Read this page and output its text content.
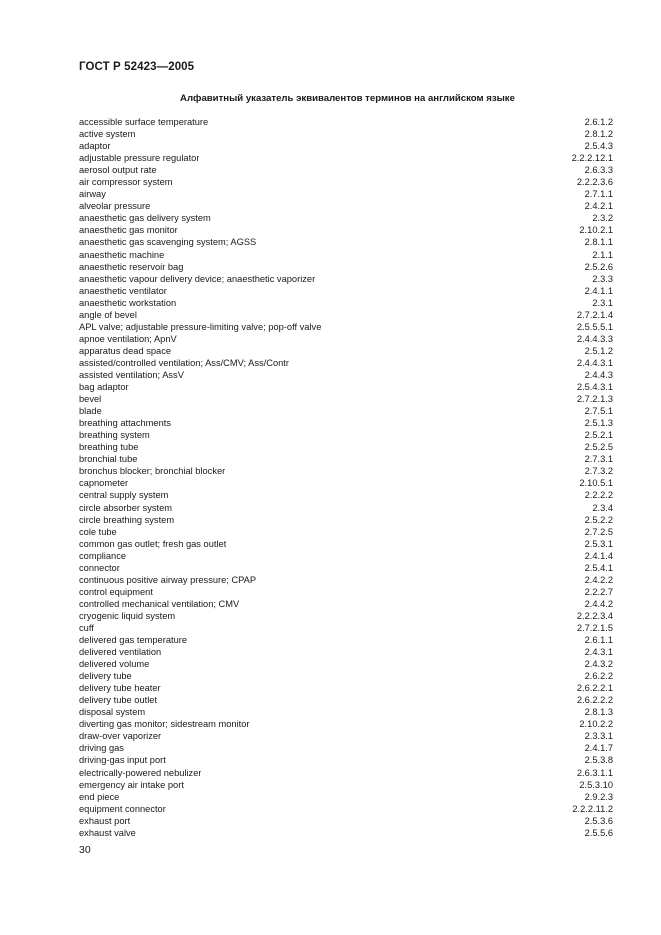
ГОСТ Р 52423—2005
Алфавитный указатель эквивалентов терминов на английском языке
accessible surface temperature	2.6.1.2
active system	2.8.1.2
adaptor	2.5.4.3
adjustable pressure regulator	2.2.2.12.1
aerosol output rate	2.6.3.3
air compressor system	2.2.2.3.6
airway	2.7.1.1
alveolar pressure	2.4.2.1
anaesthetic gas delivery system	2.3.2
anaesthetic gas monitor	2.10.2.1
anaesthetic gas scavenging system; AGSS	2.8.1.1
anaesthetic machine	2.1.1
anaesthetic reservoir bag	2.5.2.6
anaesthetic vapour delivery device; anaesthetic vaporizer	2.3.3
anaesthetic ventilator	2.4.1.1
anaesthetic workstation	2.3.1
angle of bevel	2.7.2.1.4
APL valve; adjustable pressure-limiting valve; pop-off valve	2.5.5.5.1
apnoe ventilation; ApnV	2.4.4.3.3
apparatus dead space	2.5.1.2
assisted/controlled ventilation; Ass/CMV; Ass/Contr	2.4.4.3.1
assisted ventilation; AssV	2.4.4.3
bag adaptor	2.5.4.3.1
bevel	2.7.2.1.3
blade	2.7.5.1
breathing attachments	2.5.1.3
breathing system	2.5.2.1
breathing tube	2.5.2.5
bronchial tube	2.7.3.1
bronchus blocker; bronchial blocker	2.7.3.2
capnometer	2.10.5.1
central supply system	2.2.2.2
circle absorber system	2.3.4
circle breathing system	2.5.2.2
cole tube	2.7.2.5
common gas outlet; fresh gas outlet	2.5.3.1
compliance	2.4.1.4
connector	2.5.4.1
continuous positive airway pressure; CPAP	2.4.2.2
control equipment	2.2.2.7
controlled mechanical ventilation; CMV	2.4.4.2
cryogenic liquid system	2.2.2.3.4
cuff	2.7.2.1.5
delivered gas temperature	2.6.1.1
delivered ventilation	2.4.3.1
delivered volume	2.4.3.2
delivery tube	2.6.2.2
delivery tube heater	2.6.2.2.1
delivery tube outlet	2.6.2.2.2
disposal system	2.8.1.3
diverting gas monitor; sidestream monitor	2.10.2.2
draw-over vaporizer	2.3.3.1
driving gas	2.4.1.7
driving-gas input port	2.5.3.8
electrically-powered nebulizer	2.6.3.1.1
emergency air intake port	2.5.3.10
end piece	2.9.2.3
equipment connector	2.2.2.11.2
exhaust port	2.5.3.6
exhaust valve	2.5.5.6
30
